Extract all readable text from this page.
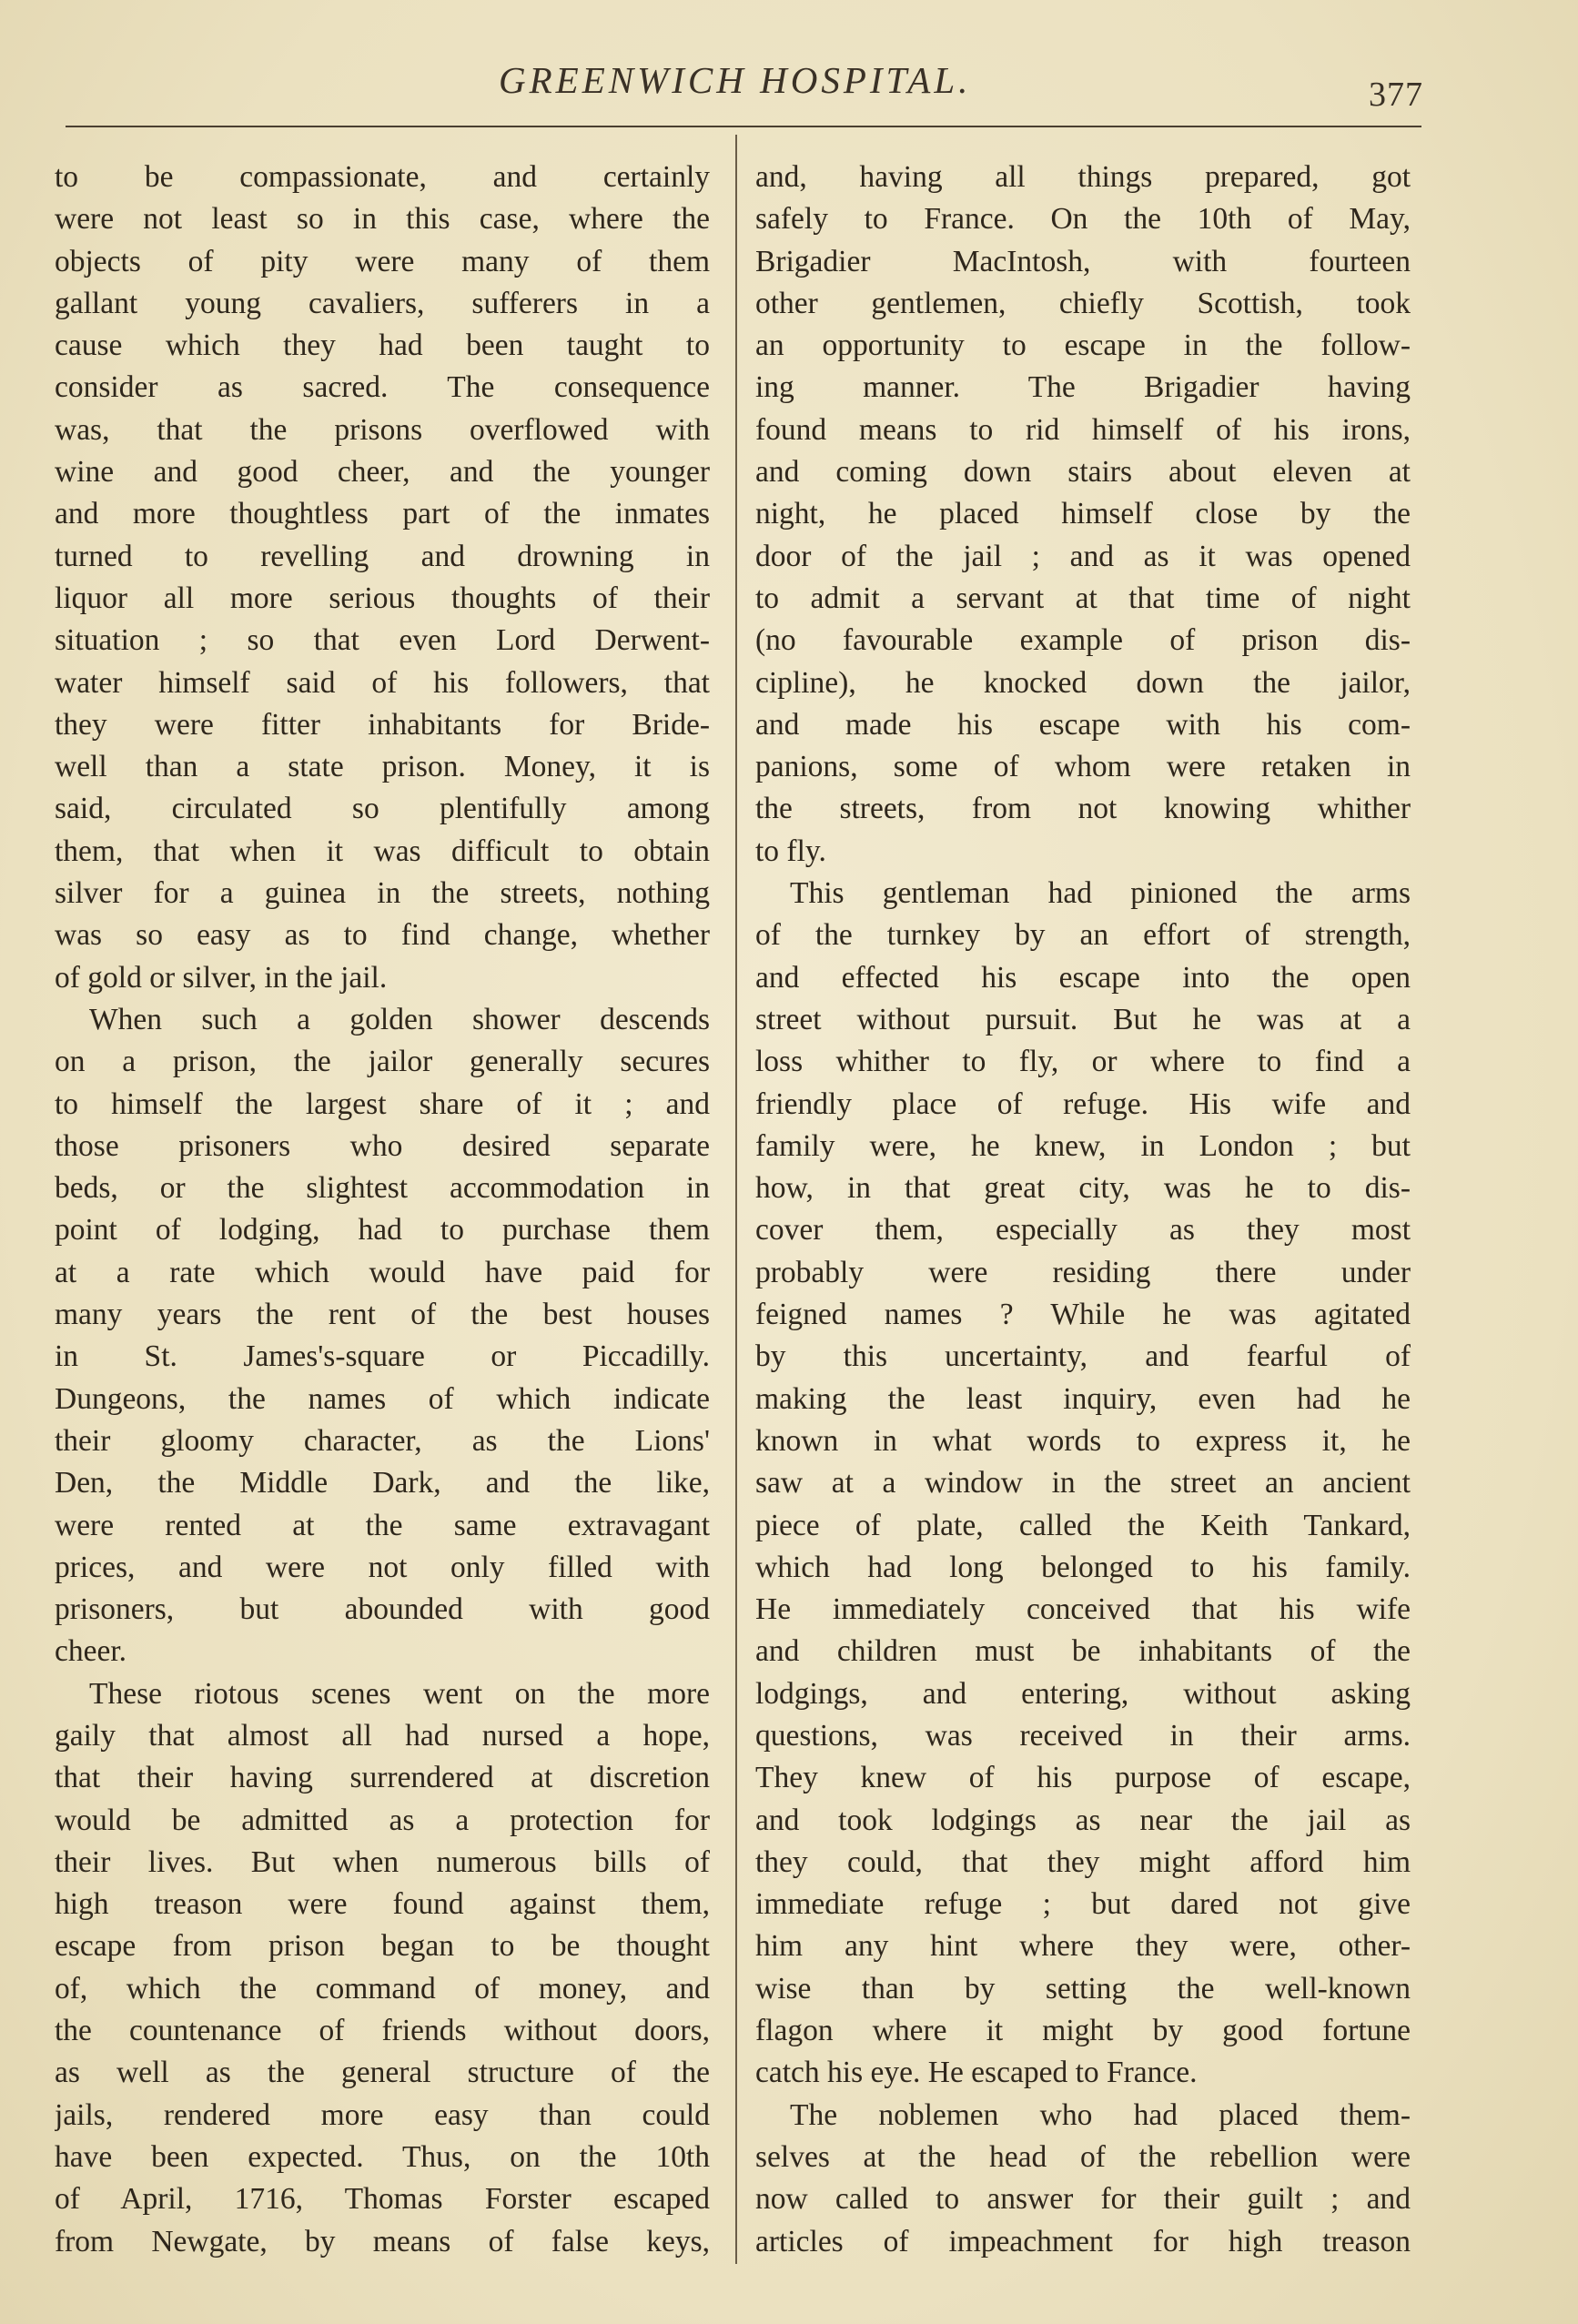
GREENWICH HOSPITAL.	377
to be compassionate, and certainly
were not least so in this case, where the
objects of pity were many of them
gallant young cavaliers, sufferers in a
cause which they had been taught to
consider as sacred. The consequence
was, that the prisons overflowed with
wine and good cheer, and the younger
and more thoughtless part of the inmates
turned to revelling and drowning in
liquor all more serious thoughts of their
situation ; so that even Lord Derwent-
water himself said of his followers, that
they were fitter inhabitants for Bride-
well than a state prison. Money, it is
said, circulated so plentifully among
them, that when it was difficult to obtain
silver for a guinea in the streets, nothing
was so easy as to find change, whether
of gold or silver, in the jail.
When such a golden shower descends
on a prison, the jailor generally secures
to himself the largest share of it ; and
those prisoners who desired separate
beds, or the slightest accommodation in
point of lodging, had to purchase them
at a rate which would have paid for
many years the rent of the best houses
in St. James's-square or Piccadilly.
Dungeons, the names of which indicate
their gloomy character, as the Lions'
Den, the Middle Dark, and the like,
were rented at the same extravagant
prices, and were not only filled with
prisoners, but abounded with good
cheer.
These riotous scenes went on the more
gaily that almost all had nursed a hope,
that their having surrendered at discretion
would be admitted as a protection for
their lives. But when numerous bills of
high treason were found against them,
escape from prison began to be thought
of, which the command of money, and
the countenance of friends without doors,
as well as the general structure of the
jails, rendered more easy than could
have been expected. Thus, on the 10th
of April, 1716, Thomas Forster escaped
from Newgate, by means of false keys,
and, having all things prepared, got
safely to France. On the 10th of May,
Brigadier MacIntosh, with fourteen
other gentlemen, chiefly Scottish, took
an opportunity to escape in the follow-
ing manner. The Brigadier having
found means to rid himself of his irons,
and coming down stairs about eleven at
night, he placed himself close by the
door of the jail ; and as it was opened
to admit a servant at that time of night
(no favourable example of prison dis-
cipline), he knocked down the jailor,
and made his escape with his com-
panions, some of whom were retaken in
the streets, from not knowing whither
to fly.
This gentleman had pinioned the arms
of the turnkey by an effort of strength,
and effected his escape into the open
street without pursuit. But he was at a
loss whither to fly, or where to find a
friendly place of refuge. His wife and
family were, he knew, in London ; but
how, in that great city, was he to dis-
cover them, especially as they most
probably were residing there under
feigned names ? While he was agitated
by this uncertainty, and fearful of
making the least inquiry, even had he
known in what words to express it, he
saw at a window in the street an ancient
piece of plate, called the Keith Tankard,
which had long belonged to his family.
He immediately conceived that his wife
and children must be inhabitants of the
lodgings, and entering, without asking
questions, was received in their arms.
They knew of his purpose of escape,
and took lodgings as near the jail as
they could, that they might afford him
immediate refuge ; but dared not give
him any hint where they were, other-
wise than by setting the well-known
flagon where it might by good fortune
catch his eye. He escaped to France.
The noblemen who had placed them-
selves at the head of the rebellion were
now called to answer for their guilt ; and
articles of impeachment for high treason
